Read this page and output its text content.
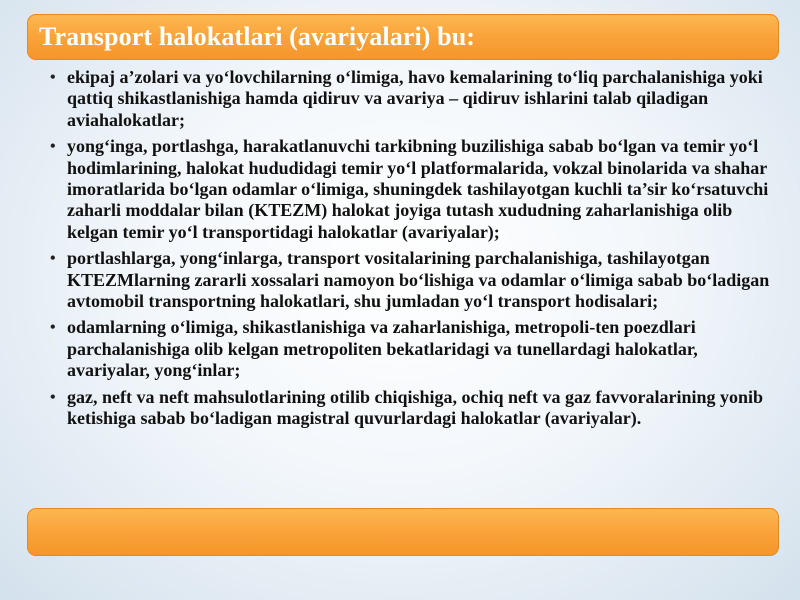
Transport halokatlari (avariyalari) bu:
• ekipaj a’zolari va yo‘lovchilarning o‘limiga, havo kemalarining to‘liq parchalanishiga yoki qattiq shikastlanishiga hamda qidiruv va avariya – qidiruv ishlarini talab qiladigan aviahalokatlar;
• yong‘inga, portlashga, harakatlanuvchi tarkibning buzilishiga sabab bo‘lgan va temir yo‘l hodimlarining, halokat hududidagi temir yo‘l platformalarida, vokzal binolarida va shahar imoratlarida bo‘lgan odamlar o‘limiga, shuningdek tashilayotgan kuchli ta’sir ko‘rsatuvchi zaharli moddalar bilan (KTEZM) halokat joyiga tutash xududning zaharlanishiga olib kelgan temir yo‘l transportidagi halokatlar (avariyalar);
• portlashlarga, yong‘inlarga, transport vositalarining parchalanishiga, tashilayotgan KTEZMlarning zararli xossalari namoyon bo‘lishiga va odamlar o‘limiga sabab bo‘ladigan avtomobil transportning halokatlari, shu jumladan yo‘l transport hodisalari;
• odamlarning o‘limiga, shikastlanishiga va zaharlanishiga, metropoli-ten poezdlari parchalanishiga olib kelgan metropoliten bekatlaridagi va tunellardagi halokatlar, avariyalar, yong‘inlar;
• gaz, neft va neft mahsulotlarining otilib chiqishiga, ochiq neft va gaz favvoralarining yonib ketishiga sabab bo‘ladigan magistral quvurlardagi halokatlar (avariyalar).
